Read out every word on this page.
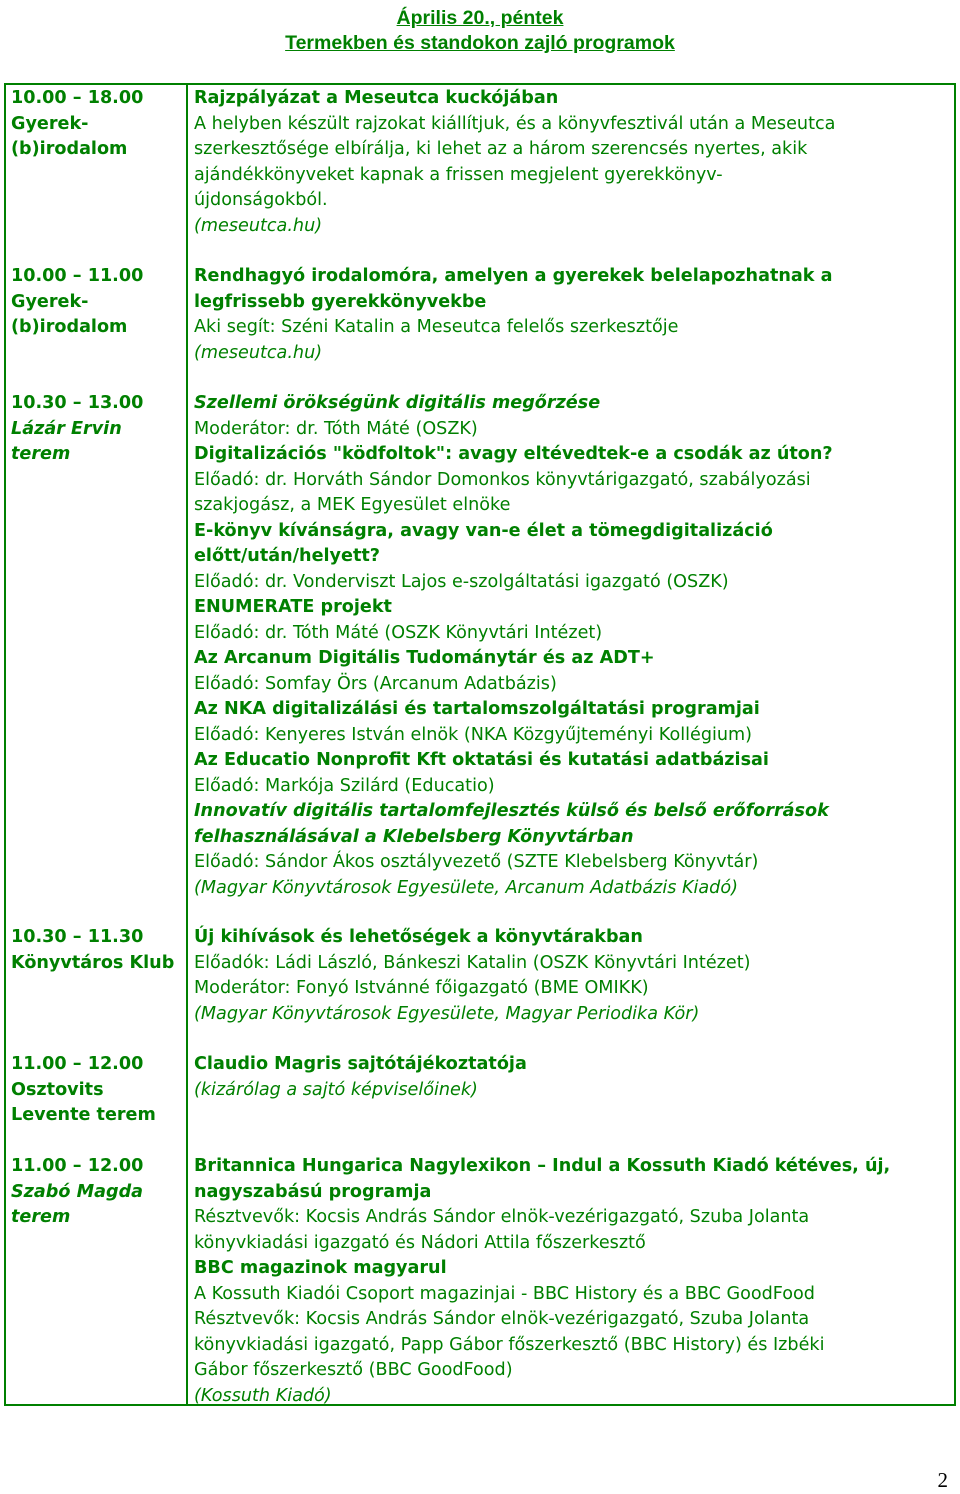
Április 20., péntek
Termekben és standokon zajló programok
10.00 – 18.00
Gyerek-
(b)irodalom
Rajzpályázat a Meseutca kuckójában
A helyben készült rajzokat kiállítjuk, és a könyvfesztivál után a Meseutca
szerkesztősége elbírálja, ki lehet az a három szerencsés nyertes, akik
ajándékkönyveket kapnak a frissen megjelent gyerekkönyv-
újdonságokból.
(meseutca.hu)
10.00 – 11.00
Gyerek-
(b)irodalom
Rendhagyó irodalomóra, amelyen a gyerekek belelapozhatnak a
legfrissebb gyerekkönyvekbe
Aki segít: Széni Katalin a Meseutca felelős szerkesztője
(meseutca.hu)
10.30 – 13.00
Lázár Ervin
terem
Szellemi örökségünk digitális megőrzése
Moderátor: dr. Tóth Máté (OSZK)
Digitalizációs "ködfoltok": avagy eltévedtek-e a csodák az úton?
Előadó: dr. Horváth Sándor Domonkos könyvtárigazgató, szabályozási
szakjogász, a MEK Egyesület elnöke
E-könyv kívánságra, avagy van-e élet a tömegdigitalizáció
előtt/után/helyett?
Előadó: dr. Vonderviszt Lajos e-szolgáltatási igazgató (OSZK)
ENUMERATE projekt
Előadó: dr. Tóth Máté (OSZK Könyvtári Intézet)
Az Arcanum Digitális Tudománytár és az ADT+
Előadó: Somfay Örs (Arcanum Adatbázis)
Az NKA digitalizálási és tartalomszolgáltatási programjai
Előadó: Kenyeres István elnök (NKA Közgyűjteményi Kollégium)
Az Educatio Nonprofit Kft oktatási és kutatási adatbázisai
Előadó: Markója Szilárd (Educatio)
Innovatív digitális tartalomfejlesztés külső és belső erőforrások
felhasználásával a Klebelsberg Könyvtárban
Előadó: Sándor Ákos osztályvezető (SZTE Klebelsberg Könyvtár)
(Magyar Könyvtárosok Egyesülete, Arcanum Adatbázis Kiadó)
10.30 – 11.30
Könyvtáros Klub
Új kihívások és lehetőségek a könyvtárakban
Előadók: Ládi László, Bánkeszi Katalin (OSZK Könyvtári Intézet)
Moderátor: Fonyó Istvánné főigazgató (BME OMIKK)
(Magyar Könyvtárosok Egyesülete, Magyar Periodika Kör)
11.00 – 12.00
Osztovits
Levente terem
Claudio Magris sajtótájékoztatója
(kizárólag a sajtó képviselőinek)
11.00 – 12.00
Szabó Magda
terem
Britannica Hungarica Nagylexikon – Indul a Kossuth Kiadó kétéves, új,
nagyszabású programja
Résztvevők: Kocsis András Sándor elnök-vezérigazgató, Szuba Jolanta
könyvkiadási igazgató és Nádori Attila főszerkesztő
BBC magazinok magyarul
A Kossuth Kiadói Csoport magazinjai - BBC History és a BBC GoodFood
Résztvevők: Kocsis András Sándor elnök-vezérigazgató, Szuba Jolanta
könyvkiadási igazgató, Papp Gábor főszerkesztő (BBC History) és Izbéki
Gábor főszerkesztő (BBC GoodFood)
(Kossuth Kiadó)
2
